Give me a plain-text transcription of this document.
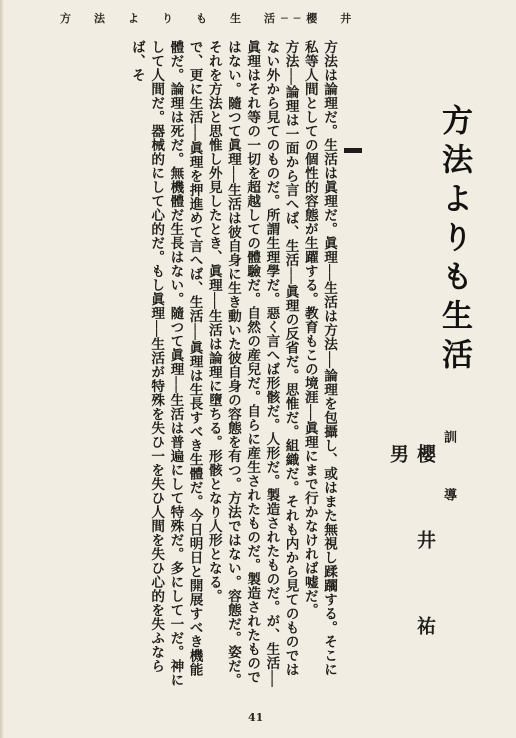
方　法　よ　り　も　生　活──櫻　井
方法よりも生活
訓　導櫻　井　祐　男

方法は論理だ。生活は眞理だ。眞理──生活は方法──論理を包攝し、或はまた無視し蹂躙する。そこに私等人間としての個性的容態が生躍する。教育もこの境涯──眞理にまで行かなければ嘘だ。

方法──論理は一面から言へば、生活──眞理の反省だ。思惟だ。組織だ。それも内から見てのものではない外から見てのものだ。所謂生理學だ。惡く言へば形骸だ。人形だ。製造されたものだ。が、生活──眞理はそれ等の一切を超越しての體驗だ。自然の産兒だ。自らに産生されたものだ。製造されたものではない。隨つて眞理──生活は彼自身に生き動いた彼自身の容態を有つ。方法ではない。容態だ。姿だ。それを方法と思惟し外見したとき、眞理──生活は論理に墮ちる。形骸となり人形となる。

で、更に生活──眞理を押進めて言へば、生活──眞理は生長すべき生體だ。今日明日と開展すべき機能體だ。論理は死だ。無機體だ生長はない。隨つて眞理──生活は普遍にして特殊だ。多にして一だ。神にして人間だ。器械的にして心的だ。もし眞理──生活が特殊を失ひ一を失ひ人間を失ひ心的を失ふならば、そ

41
